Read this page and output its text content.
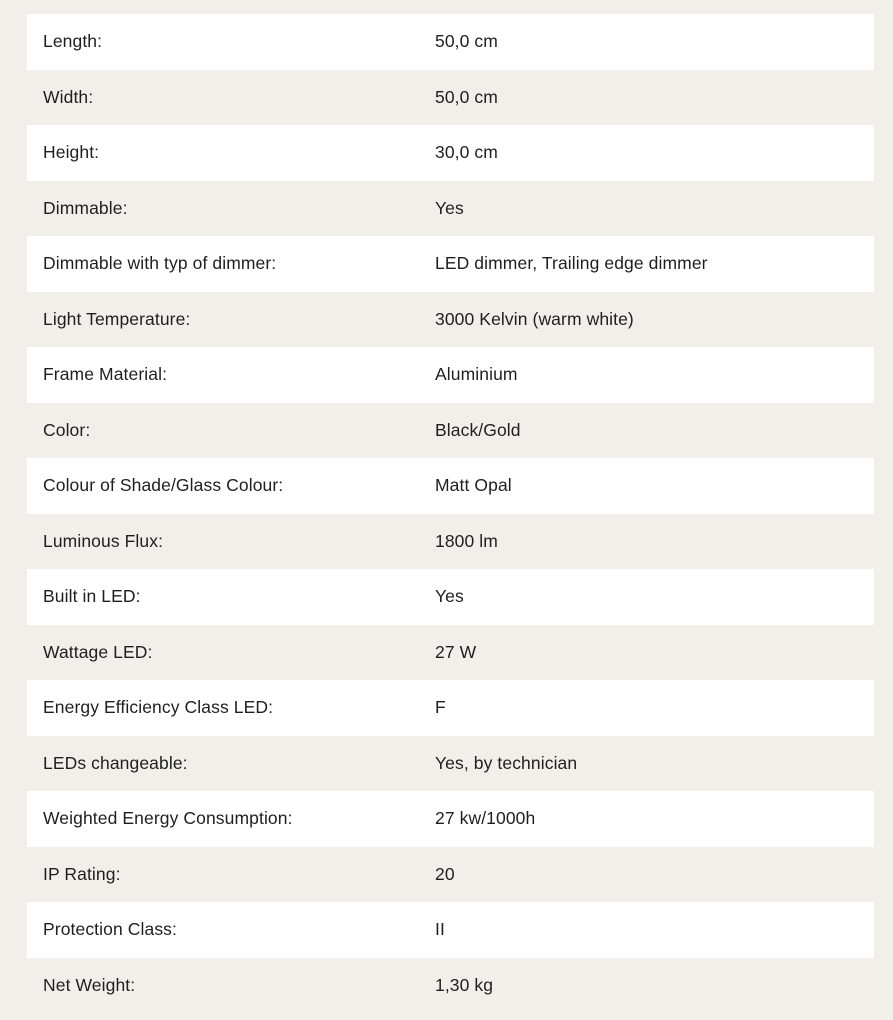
Length:	50,0 cm
Width:	50,0 cm
Height:	30,0 cm
Dimmable:	Yes
Dimmable with typ of dimmer:	LED dimmer, Trailing edge dimmer
Light Temperature:	3000 Kelvin (warm white)
Frame Material:	Aluminium
Color:	Black/Gold
Colour of Shade/Glass Colour:	Matt Opal
Luminous Flux:	1800 lm
Built in LED:	Yes
Wattage LED:	27 W
Energy Efficiency Class LED:	F
LEDs changeable:	Yes, by technician
Weighted Energy Consumption:	27 kw/1000h
IP Rating:	20
Protection Class:	II
Net Weight:	1,30 kg
